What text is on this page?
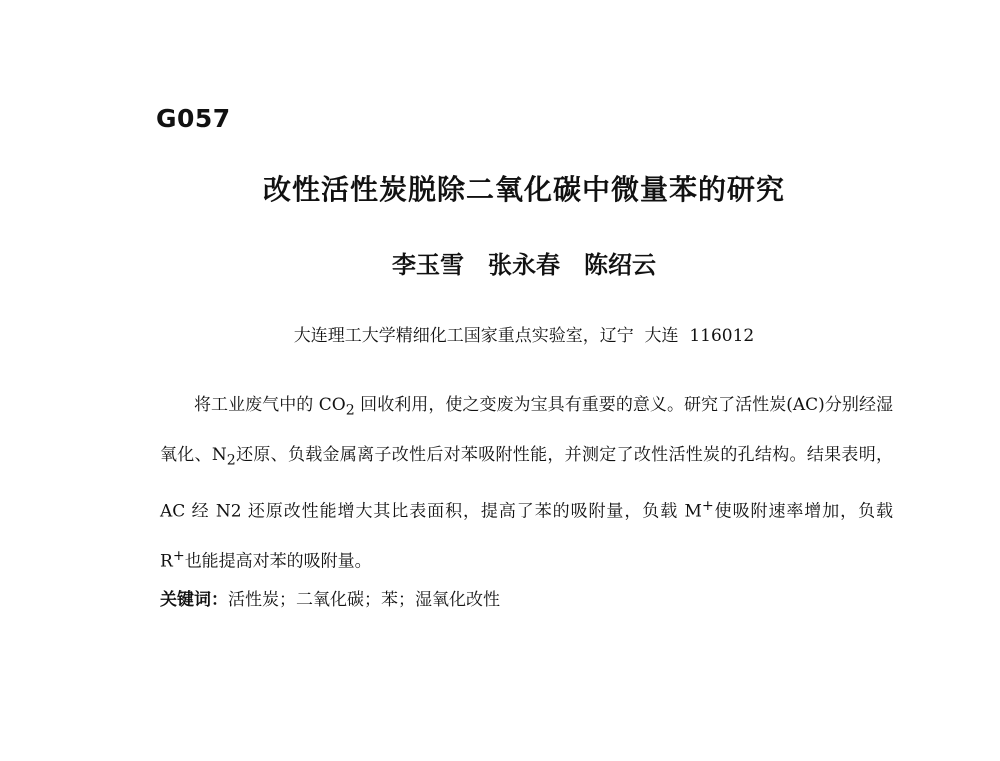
G057
改性活性炭脱除二氧化碳中微量苯的研究
李玉雪　张永春　陈绍云
大连理工大学精细化工国家重点实验室，辽宁  大连  116012

将工业废气中的 $CO_2$ 回收利用，使之变废为宝具有重要的意义。研究了活性炭(AC)分别经湿氧化、$N_2$还原、负载金属离子改性后对苯吸附性能，并测定了改性活性炭的孔结构。结果表明，AC 经 N2 还原改性能增大其比表面积，提高了苯的吸附量，负载 M+使吸附速率增加，负载 R+也能提高对苯的吸附量。

关键词：活性炭；二氧化碳；苯；湿氧化改性
